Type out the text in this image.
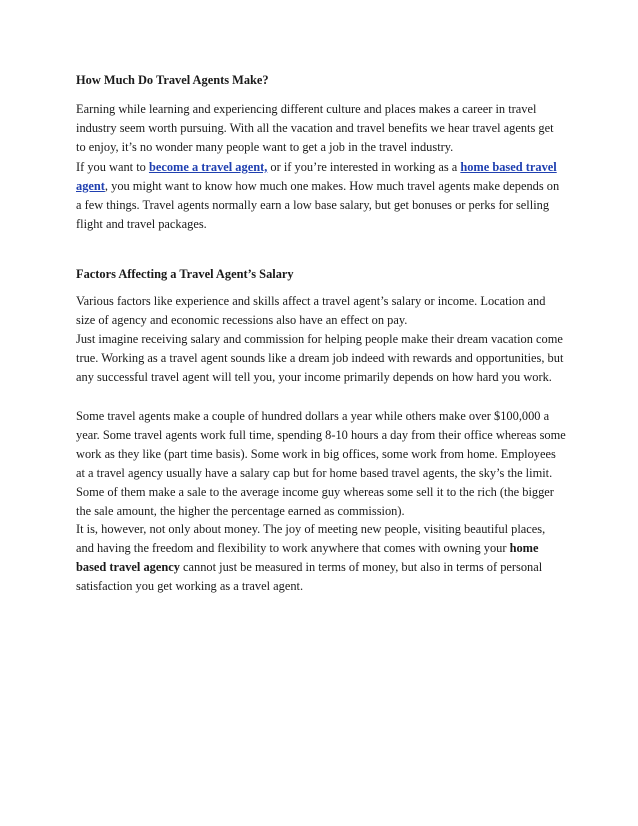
How Much Do Travel Agents Make?

Earning while learning and experiencing different culture and places makes a career in travel industry seem worth pursuing. With all the vacation and travel benefits we hear travel agents get to enjoy, it’s no wonder many people want to get a job in the travel industry.

If you want to become a travel agent, or if you’re interested in working as a home based travel agent, you might want to know how much one makes. How much travel agents make depends on a few things. Travel agents normally earn a low base salary, but get bonuses or perks for selling flight and travel packages.

Factors Affecting a Travel Agent’s Salary

Various factors like experience and skills affect a travel agent’s salary or income. Location and size of agency and economic recessions also have an effect on pay.

Just imagine receiving salary and commission for helping people make their dream vacation come true. Working as a travel agent sounds like a dream job indeed with rewards and opportunities, but any successful travel agent will tell you, your income primarily depends on how hard you work.

Some travel agents make a couple of hundred dollars a year while others make over $100,000 a year. Some travel agents work full time, spending 8-10 hours a day from their office whereas some work as they like (part time basis). Some work in big offices, some work from home. Employees at a travel agency usually have a salary cap but for home based travel agents, the sky’s the limit. Some of them make a sale to the average income guy whereas some sell it to the rich (the bigger the sale amount, the higher the percentage earned as commission).

It is, however, not only about money. The joy of meeting new people, visiting beautiful places, and having the freedom and flexibility to work anywhere that comes with owning your home based travel agency cannot just be measured in terms of money, but also in terms of personal satisfaction you get working as a travel agent.
